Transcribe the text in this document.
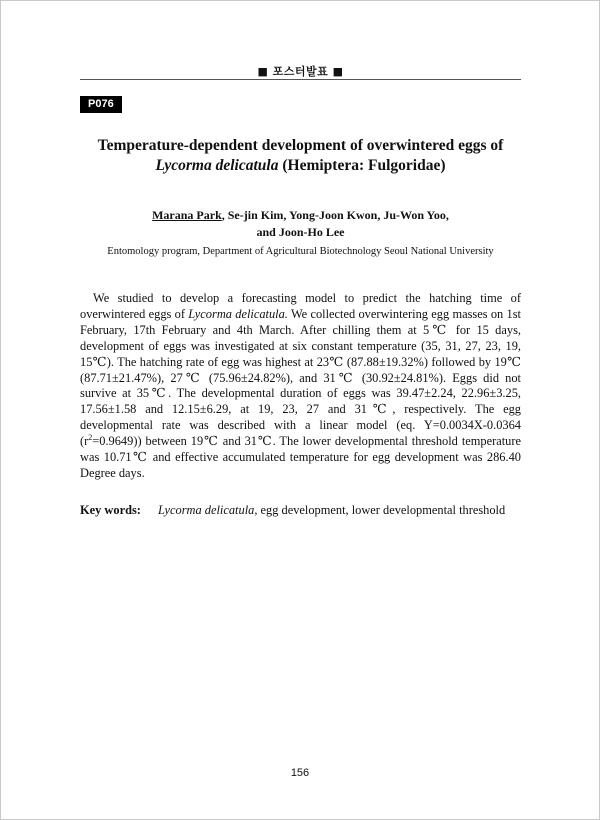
■ 포스터발표 ■
P076
Temperature-dependent development of overwintered eggs of
Lycorma delicatula (Hemiptera: Fulgoridae)
Marana Park, Se-jin Kim, Yong-Joon Kwon, Ju-Won Yoo,
and Joon-Ho Lee
Entomology program, Department of Agricultural Biotechnology Seoul National University

We studied to develop a forecasting model to predict the hatching time of overwintered eggs of Lycorma delicatula. We collected overwintering egg masses on 1st February, 17th February and 4th March. After chilling them at 5℃ for 15 days, development of eggs was investigated at six constant temperature (35, 31, 27, 23, 19, 15℃). The hatching rate of egg was highest at 23℃ (87.88±19.32%) followed by 19℃ (87.71±21.47%), 27℃ (75.96±24.82%), and 31℃ (30.92±24.81%). Eggs did not survive at 35℃. The developmental duration of eggs was 39.47±2.24, 22.96±3.25, 17.56±1.58 and 12.15±6.29, at 19, 23, 27 and 31℃, respectively. The egg developmental rate was described with a linear model (eq. Y=0.0034X-0.0364 $(r^2=0.9649)$) between 19℃ and 31℃. The lower developmental threshold temperature was 10.71℃ and effective accumulated temperature for egg development was 286.40 Degree days.

Key words:	Lycorma delicatula, egg development, lower developmental threshold
156
